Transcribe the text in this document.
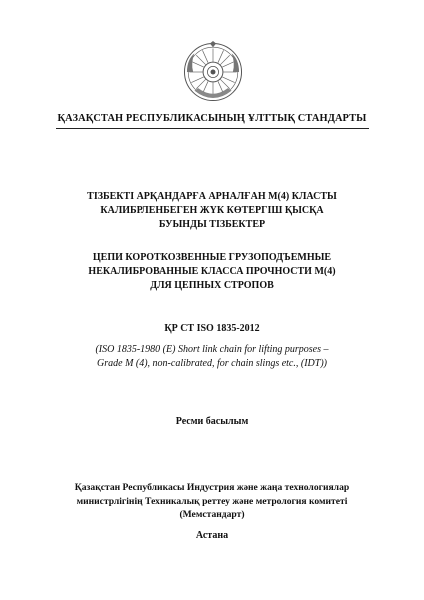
ҚАЗАҚСТАН РЕСПУБЛИКАСЫНЫҢ ҰЛТТЫҚ СТАНДАРТЫ
ТІЗБЕКТІ АРҚАНДАРҒА АРНАЛҒАН М(4) КЛАСТЫ
КАЛИБРЛЕНБЕГЕН ЖҮК КӨТЕРГІШ ҚЫСҚА
БУЫНДЫ ТІЗБЕКТЕР
ЦЕПИ КОРОТКОЗВЕННЫЕ ГРУЗОПОДЪЕМНЫЕ
НЕКАЛИБРОВАННЫЕ КЛАССА ПРОЧНОСТИ М(4)
ДЛЯ ЦЕПНЫХ СТРОПОВ
ҚР СТ ISO 1835-2012
(ISO 1835-1980 (E) Short link chain for lifting purposes –
Grade M (4), non-calibrated, for chain slings etc., (IDT))
Ресми басылым
Қазақстан Республикасы Индустрия және жаңа технологиялар
министрлігінің Техникалық реттеу және метрология комитеті
(Мемстандарт)
Астана
